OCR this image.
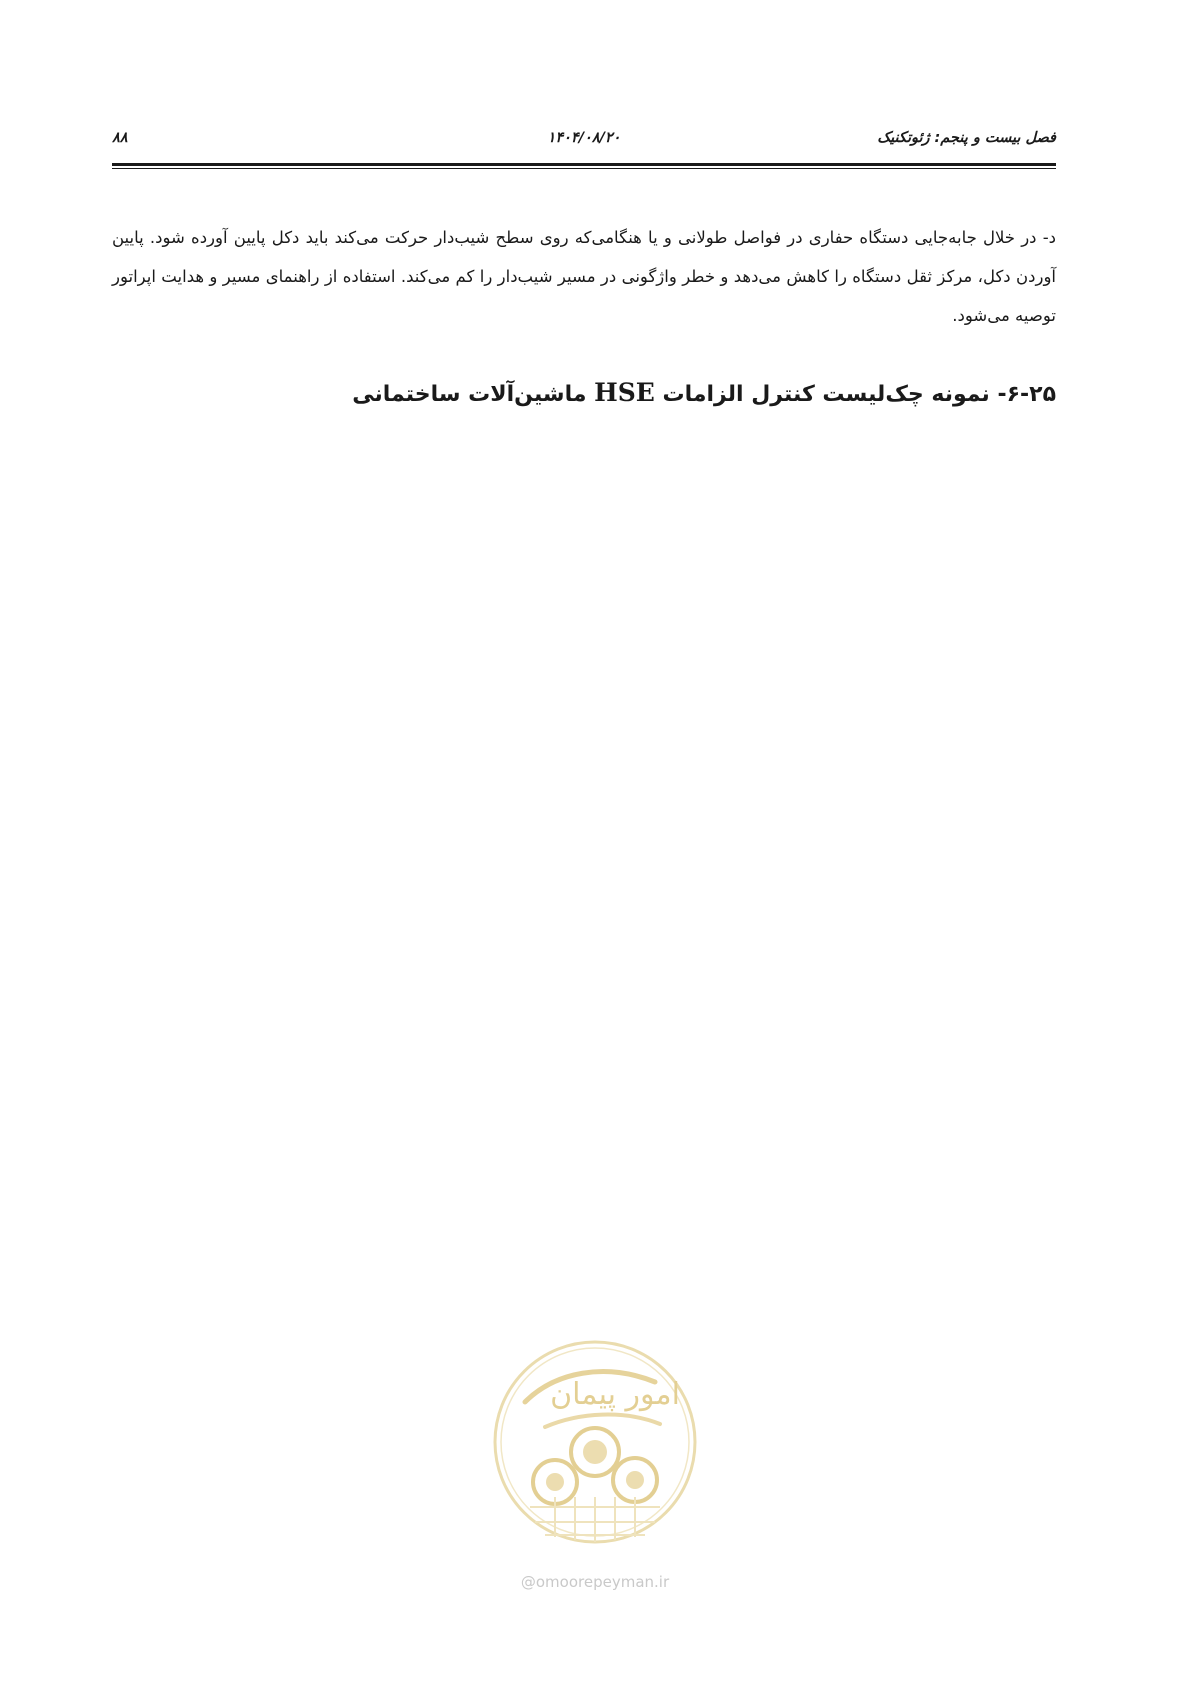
فصل بیست و پنجم: ژئوتکنیک
۱۴۰۴/۰۸/۲۰
۸۸

د- در خلال جابه‌جایی دستگاه حفاری در فواصل طولانی و یا هنگامی‌که روی سطح شیب‌دار حرکت می‌کند باید دکل پایین آورده شود. پایین آوردن دکل، مرکز ثقل دستگاه را کاهش می‌دهد و خطر واژگونی در مسیر شیب‌دار را کم می‌کند. استفاده از راهنمای مسیر و هدایت اپراتور توصیه می‌شود.

۶-۲۵- نمونه چک‌لیست کنترل الزامات HSE ماشین‌آلات ساختمانی
امور پیمان
@omoorepeyman.ir
